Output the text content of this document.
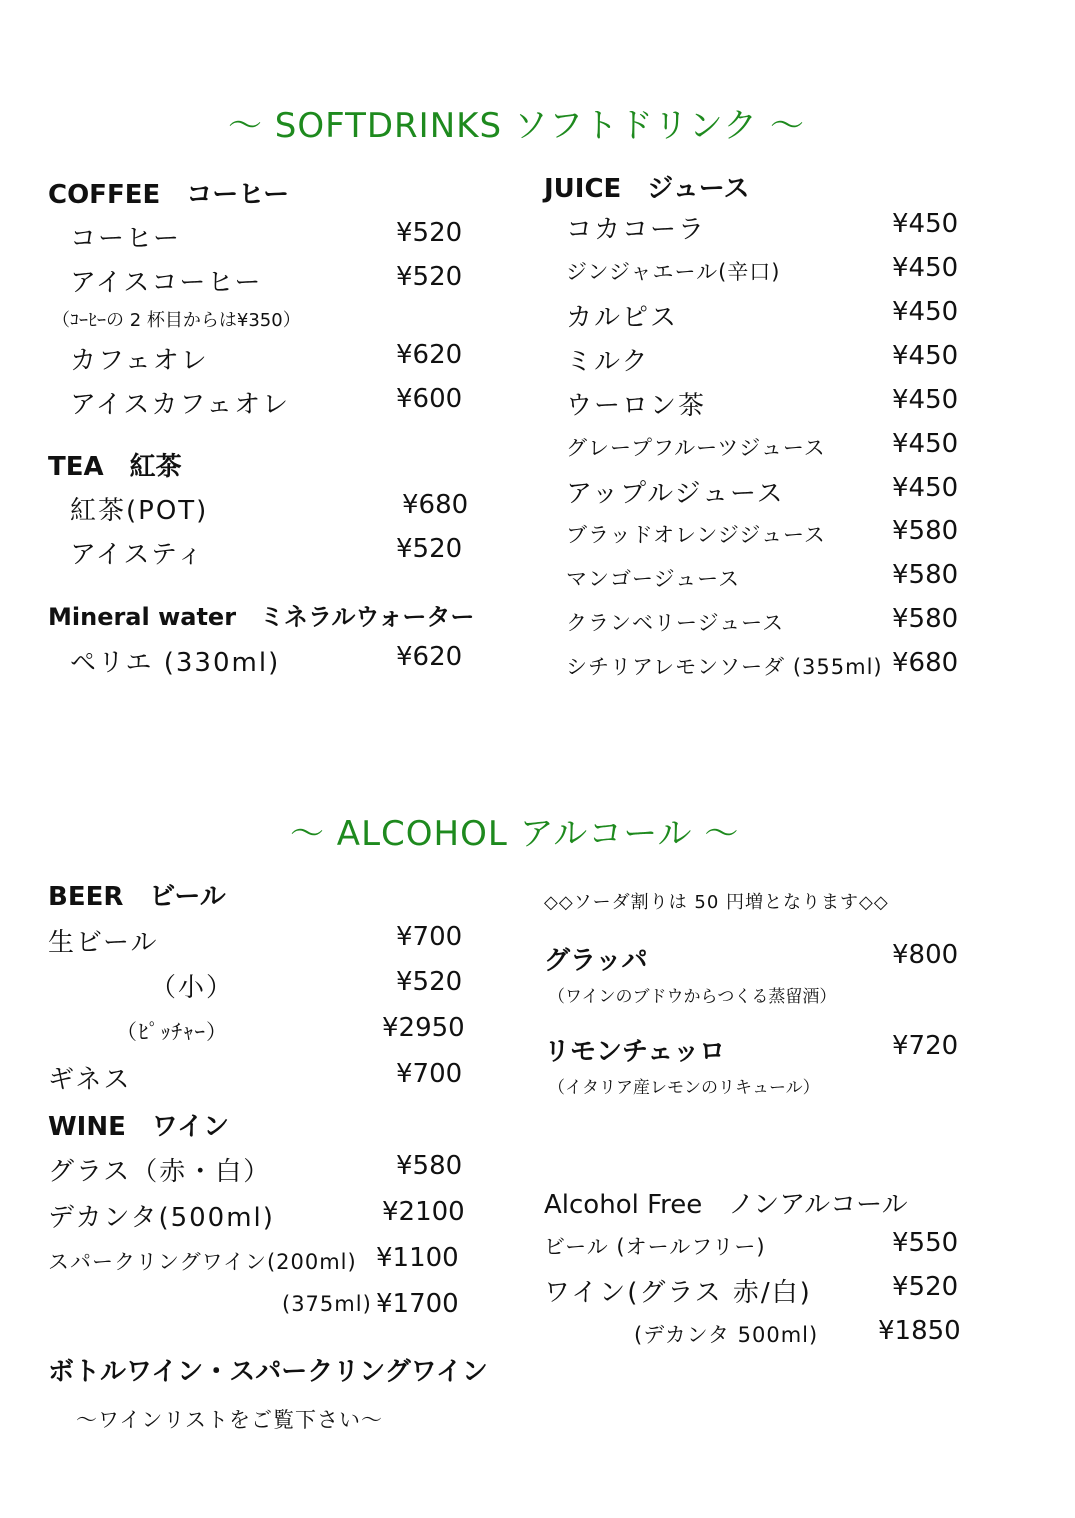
～ SOFTDRINKS ソフトドリンク ～
COFFEE　コーヒー
コーヒー	¥520
アイスコーヒー	¥520
（ｺｰﾋｰの 2 杯目からは¥350）
カフェオレ	¥620
アイスカフェオレ	¥600
TEA　紅茶
紅茶(POT)	¥680
アイスティ	¥520
Mineral water　ミネラルウォーター
ペリエ (330ml)	¥620
JUICE　ジュース
コカコーラ	¥450
ジンジャエール(辛口)	¥450
カルピス	¥450
ミルク	¥450
ウーロン茶	¥450
グレープフルーツジュース	¥450
アップルジュース	¥450
ブラッドオレンジジュース	¥580
マンゴージュース	¥580
クランベリージュース	¥580
シチリアレモンソーダ (355ml) ¥680
～ ALCOHOL アルコール ～
BEER　ビール
生ビール	¥700
（小）	¥520
（ﾋﾟｯﾁｬｰ）	¥2950
ギネス	¥700
WINE　ワイン
グラス（赤・白）	¥580
デカンタ(500ml)	¥2100
スパークリングワイン(200ml) ¥1100
(375ml) ¥1700
ボトルワイン・スパークリングワイン
～ワインリストをご覧下さい～
◇◇ソーダ割りは 50 円増となります◇◇
グラッパ	¥800
（ワインのブドウからつくる蒸留酒）
リモンチェッロ	¥720
（イタリア産レモンのリキュール）
Alcohol Free　ノンアルコール
ビール (オールフリー)	¥550
ワイン(グラス 赤/白)	¥520
(デカンタ 500ml) ¥1850
